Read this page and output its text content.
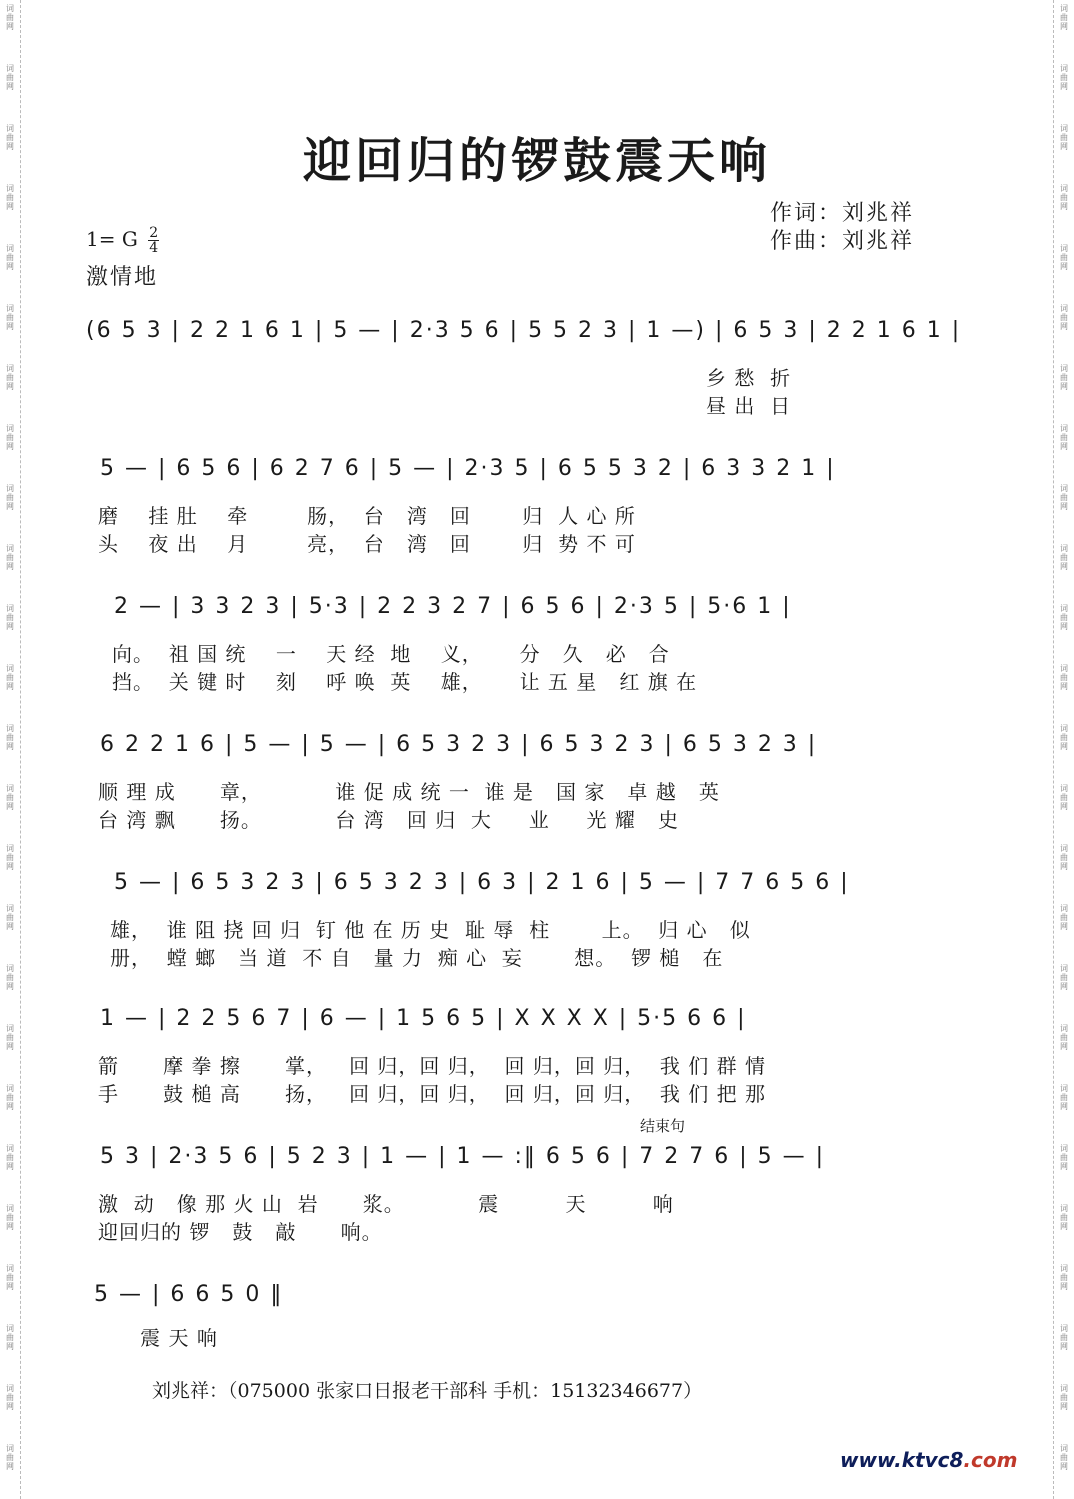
词
曲
网
词
曲
网
词
曲
网
词
曲
网
词
曲
网
词
曲
网
词
曲
网
词
曲
网
词
曲
网
词
曲
网
词
曲
网
词
曲
网
词
曲
网
词
曲
网
词
曲
网
词
曲
网
词
曲
网
词
曲
网
词
曲
网
词
曲
网
词
曲
网
词
曲
网
词
曲
网
词
曲
网
词
曲
网
词
曲
网
词
曲
网
词
曲
网
词
曲
网
词
曲
网
词
曲
网
词
曲
网
词
曲
网
词
曲
网
词
曲
网
词
曲
网
词
曲
网
词
曲
网
词
曲
网
词
曲
网
词
曲
网
词
曲
网
词
曲
网
词
曲
网
词
曲
网
词
曲
网
词
曲
网
词
曲
网
词
曲
网
词
曲
网
迎回归的锣鼓震天响
作词：刘兆祥
作曲：刘兆祥
1= G $\frac{2}{4}$
激情地
(6 5 3 | 2 2 1 6 1 | 5 — | 2·3 5 6 | 5 5 2 3 | 1 —) | 6 5 3 | 2 2 1 6 1 |
乡 愁  折
昼 出  日
5 — | 6 5 6 | 6 2 7 6 | 5 — | 2·3 5 | 6 5 5 3 2 | 6 3 3 2 1 |
磨    挂 肚    牵        肠，  台   湾   回       归  人 心 所
头    夜 出    月        亮，  台   湾   回       归  势 不 可
2 — | 3 3 2 3 | 5·3 | 2 2 3 2 7 | 6 5 6 | 2·3 5 | 5·6 1 |
向。  祖 国 统    一    天 经  地    义，     分   久   必   合
挡。  关 键 时    刻    呼 唤  英    雄，     让 五 星   红 旗 在
6 2 2 1 6 | 5 — | 5 — | 6 5 3 2 3 | 6 5 3 2 3 | 6 5 3 2 3 |
顺 理 成      章，          谁 促 成 统 一  谁 是   国 家   卓 越   英
台 湾 飘      扬。          台 湾   回 归  大     业     光 耀   史
5 — | 6 5 3 2 3 | 6 5 3 2 3 | 6 3 | 2 1 6 | 5 — | 7 7 6 5 6 |
雄，  谁 阻 挠 回 归  钉 他 在 历 史  耻 辱  柱       上。  归 心   似
册，  螳 螂   当 道  不 自   量 力  痴 心  妄       想。  锣 槌   在
1 — | 2 2 5 6 7 | 6 — | 1 5 6 5 | X X X X | 5·5 6 6 |
箭      摩 拳 擦      掌，   回 归，回 归，  回 归，回 归，  我 们 群 情
手      鼓 槌 高      扬，   回 归，回 归，  回 归，回 归，  我 们 把 那
结束句
5 3 | 2·3 5 6 | 5 2 3 | 1 — | 1 — :‖ 6 5 6 | 7 2 7 6 | 5 — |
激  动   像 那 火 山  岩      浆。          震         天         响
迎回归的 锣   鼓   敲      响。
5 — | 6 6 5 0 ‖
震 天 响
刘兆祥：（075000 张家口日报老干部科 手机：15132346677）
www.ktvc8.com
